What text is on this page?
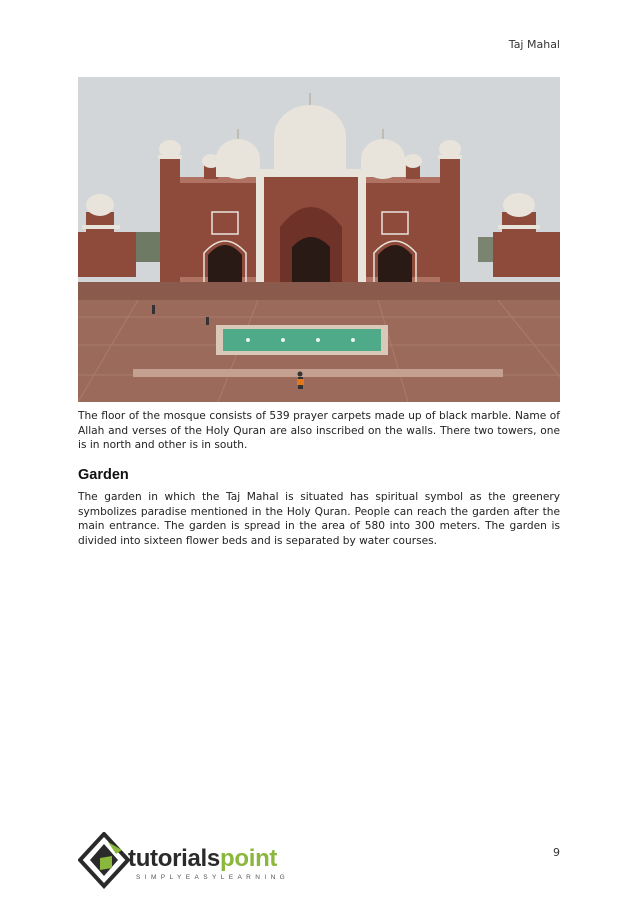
Taj Mahal

The floor of the mosque consists of 539 prayer carpets made up of black marble. Name of Allah and verses of the Holy Quran are also inscribed on the walls. There two towers, one is in north and other is in south.

Garden

The garden in which the Taj Mahal is situated has spiritual symbol as the greenery symbolizes paradise mentioned in the Holy Quran. People can reach the garden after the main entrance. The garden is spread in the area of 580 into 300 meters. The garden is divided into sixteen flower beds and is separated by water courses.

9
tutorialspoint
SIMPLYEASYLEARNING
